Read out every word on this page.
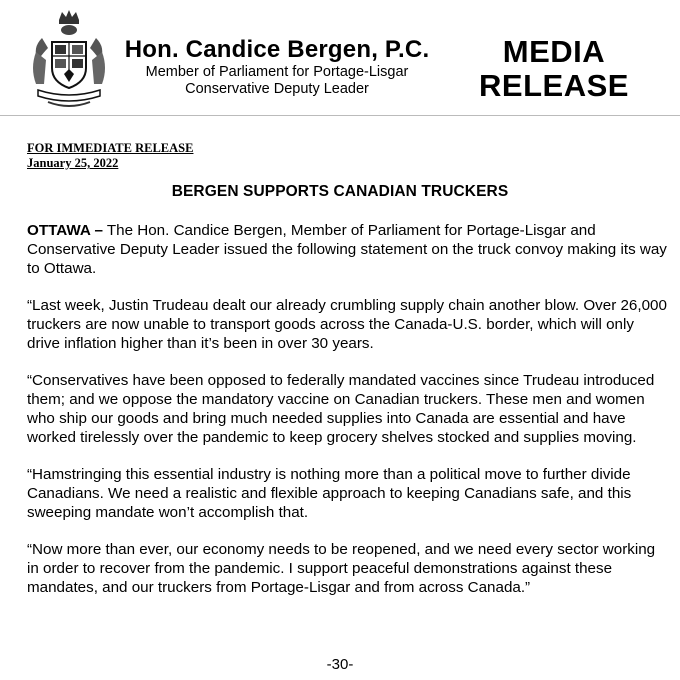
Hon. Candice Bergen, P.C.
Member of Parliament for Portage-Lisgar
Conservative Deputy Leader
MEDIA
RELEASE
FOR IMMEDIATE RELEASE
January 25, 2022
BERGEN SUPPORTS CANADIAN TRUCKERS

OTTAWA – The Hon. Candice Bergen, Member of Parliament for Portage-Lisgar and Conservative Deputy Leader issued the following statement on the truck convoy making its way to Ottawa.

“Last week, Justin Trudeau dealt our already crumbling supply chain another blow. Over 26,000 truckers are now unable to transport goods across the Canada-U.S. border, which will only drive inflation higher than it’s been in over 30 years.

“Conservatives have been opposed to federally mandated vaccines since Trudeau introduced them; and we oppose the mandatory vaccine on Canadian truckers. These men and women who ship our goods and bring much needed supplies into Canada are essential and have worked tirelessly over the pandemic to keep grocery shelves stocked and supplies moving.

“Hamstringing this essential industry is nothing more than a political move to further divide Canadians. We need a realistic and flexible approach to keeping Canadians safe, and this sweeping mandate won’t accomplish that.

“Now more than ever, our economy needs to be reopened, and we need every sector working in order to recover from the pandemic. I support peaceful demonstrations against these mandates, and our truckers from Portage-Lisgar and from across Canada.”

-30-
